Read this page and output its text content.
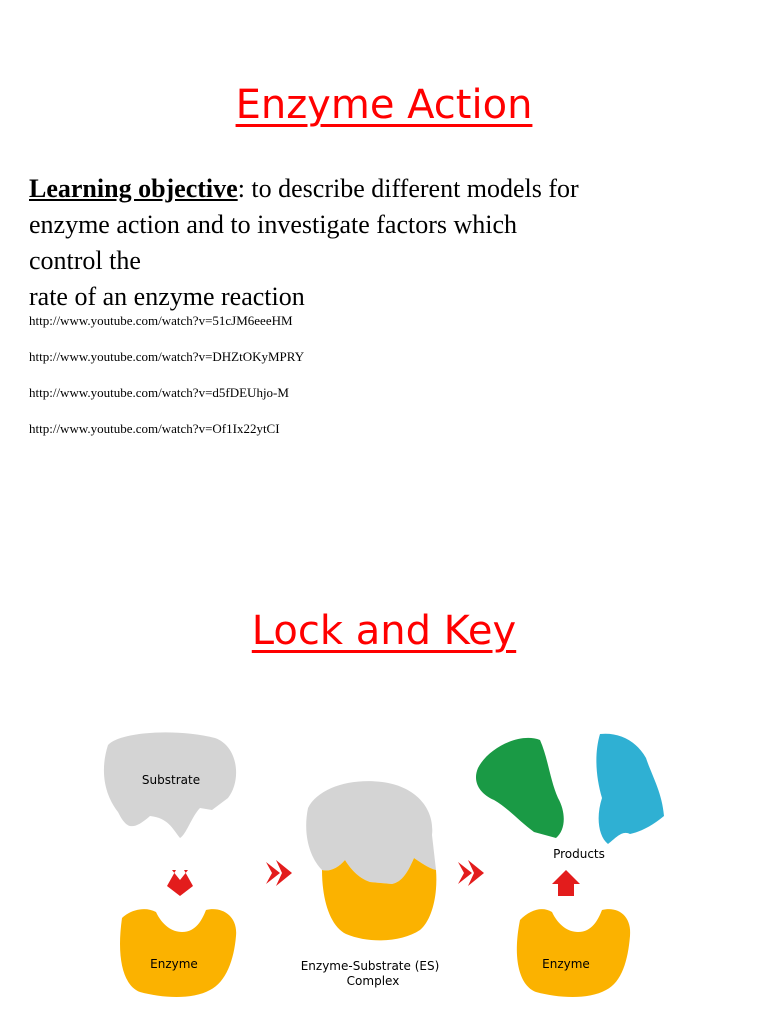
Enzyme Action
Learning objective: to describe different models for
enzyme action and to investigate factors which
control the
rate of an enzyme reaction
http://www.youtube.com/watch?v=51cJM6eeeHM
http://www.youtube.com/watch?v=DHZtOKyMPRY
http://www.youtube.com/watch?v=d5fDEUhjo-M
http://www.youtube.com/watch?v=Of1Ix22ytCI
Lock and Key
Substrate
Enzyme	Enzyme-Substrate (ES)
Complex
Products
Enzyme
